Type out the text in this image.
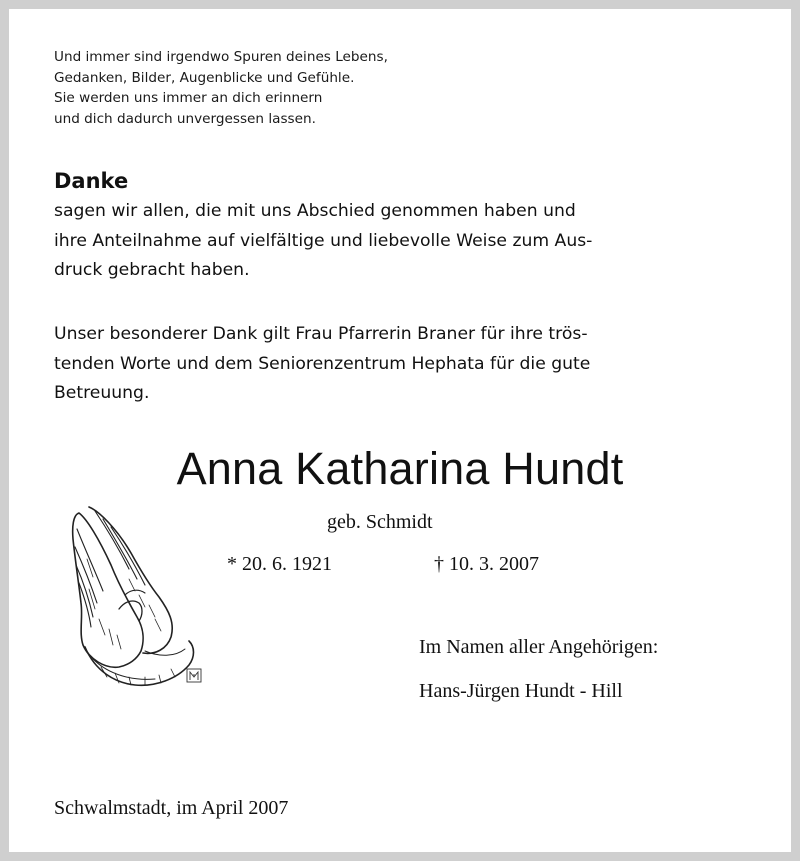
Und immer sind irgendwo Spuren deines Lebens,
Gedanken, Bilder, Augenblicke und Gefühle.
Sie werden uns immer an dich erinnern
und dich dadurch unvergessen lassen.
Danke
sagen wir allen, die mit uns Abschied genommen haben und
ihre Anteilnahme auf vielfältige und liebevolle Weise zum Aus-
druck gebracht haben.
Unser besonderer Dank gilt Frau Pfarrerin Braner für ihre trös-
tenden Worte und dem Seniorenzentrum Hephata für die gute
Betreuung.
Anna Katharina Hundt
geb. Schmidt
* 20. 6. 1921	† 10. 3. 2007
Im Namen aller Angehörigen:
Hans-Jürgen Hundt - Hill
Schwalmstadt, im April 2007
